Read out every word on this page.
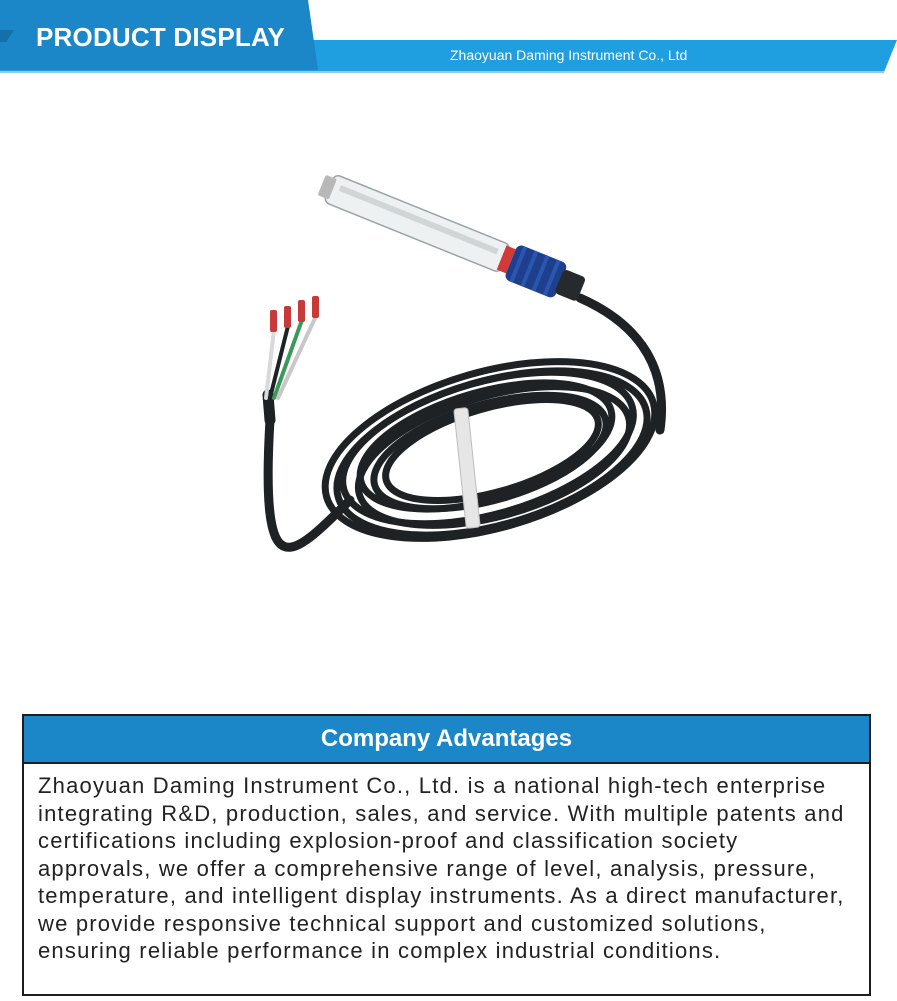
PRODUCT DISPLAY
Zhaoyuan Daming Instrument Co., Ltd
Company Advantages

Zhaoyuan Daming Instrument Co., Ltd. is a national high-tech enterprise integrating R&D, production, sales, and service. With multiple patents and certifications including explosion-proof and classification society approvals, we offer a comprehensive range of level, analysis, pressure, temperature, and intelligent display instruments. As a direct manufacturer, we provide responsive technical support and customized solutions, ensuring reliable performance in complex industrial conditions.
